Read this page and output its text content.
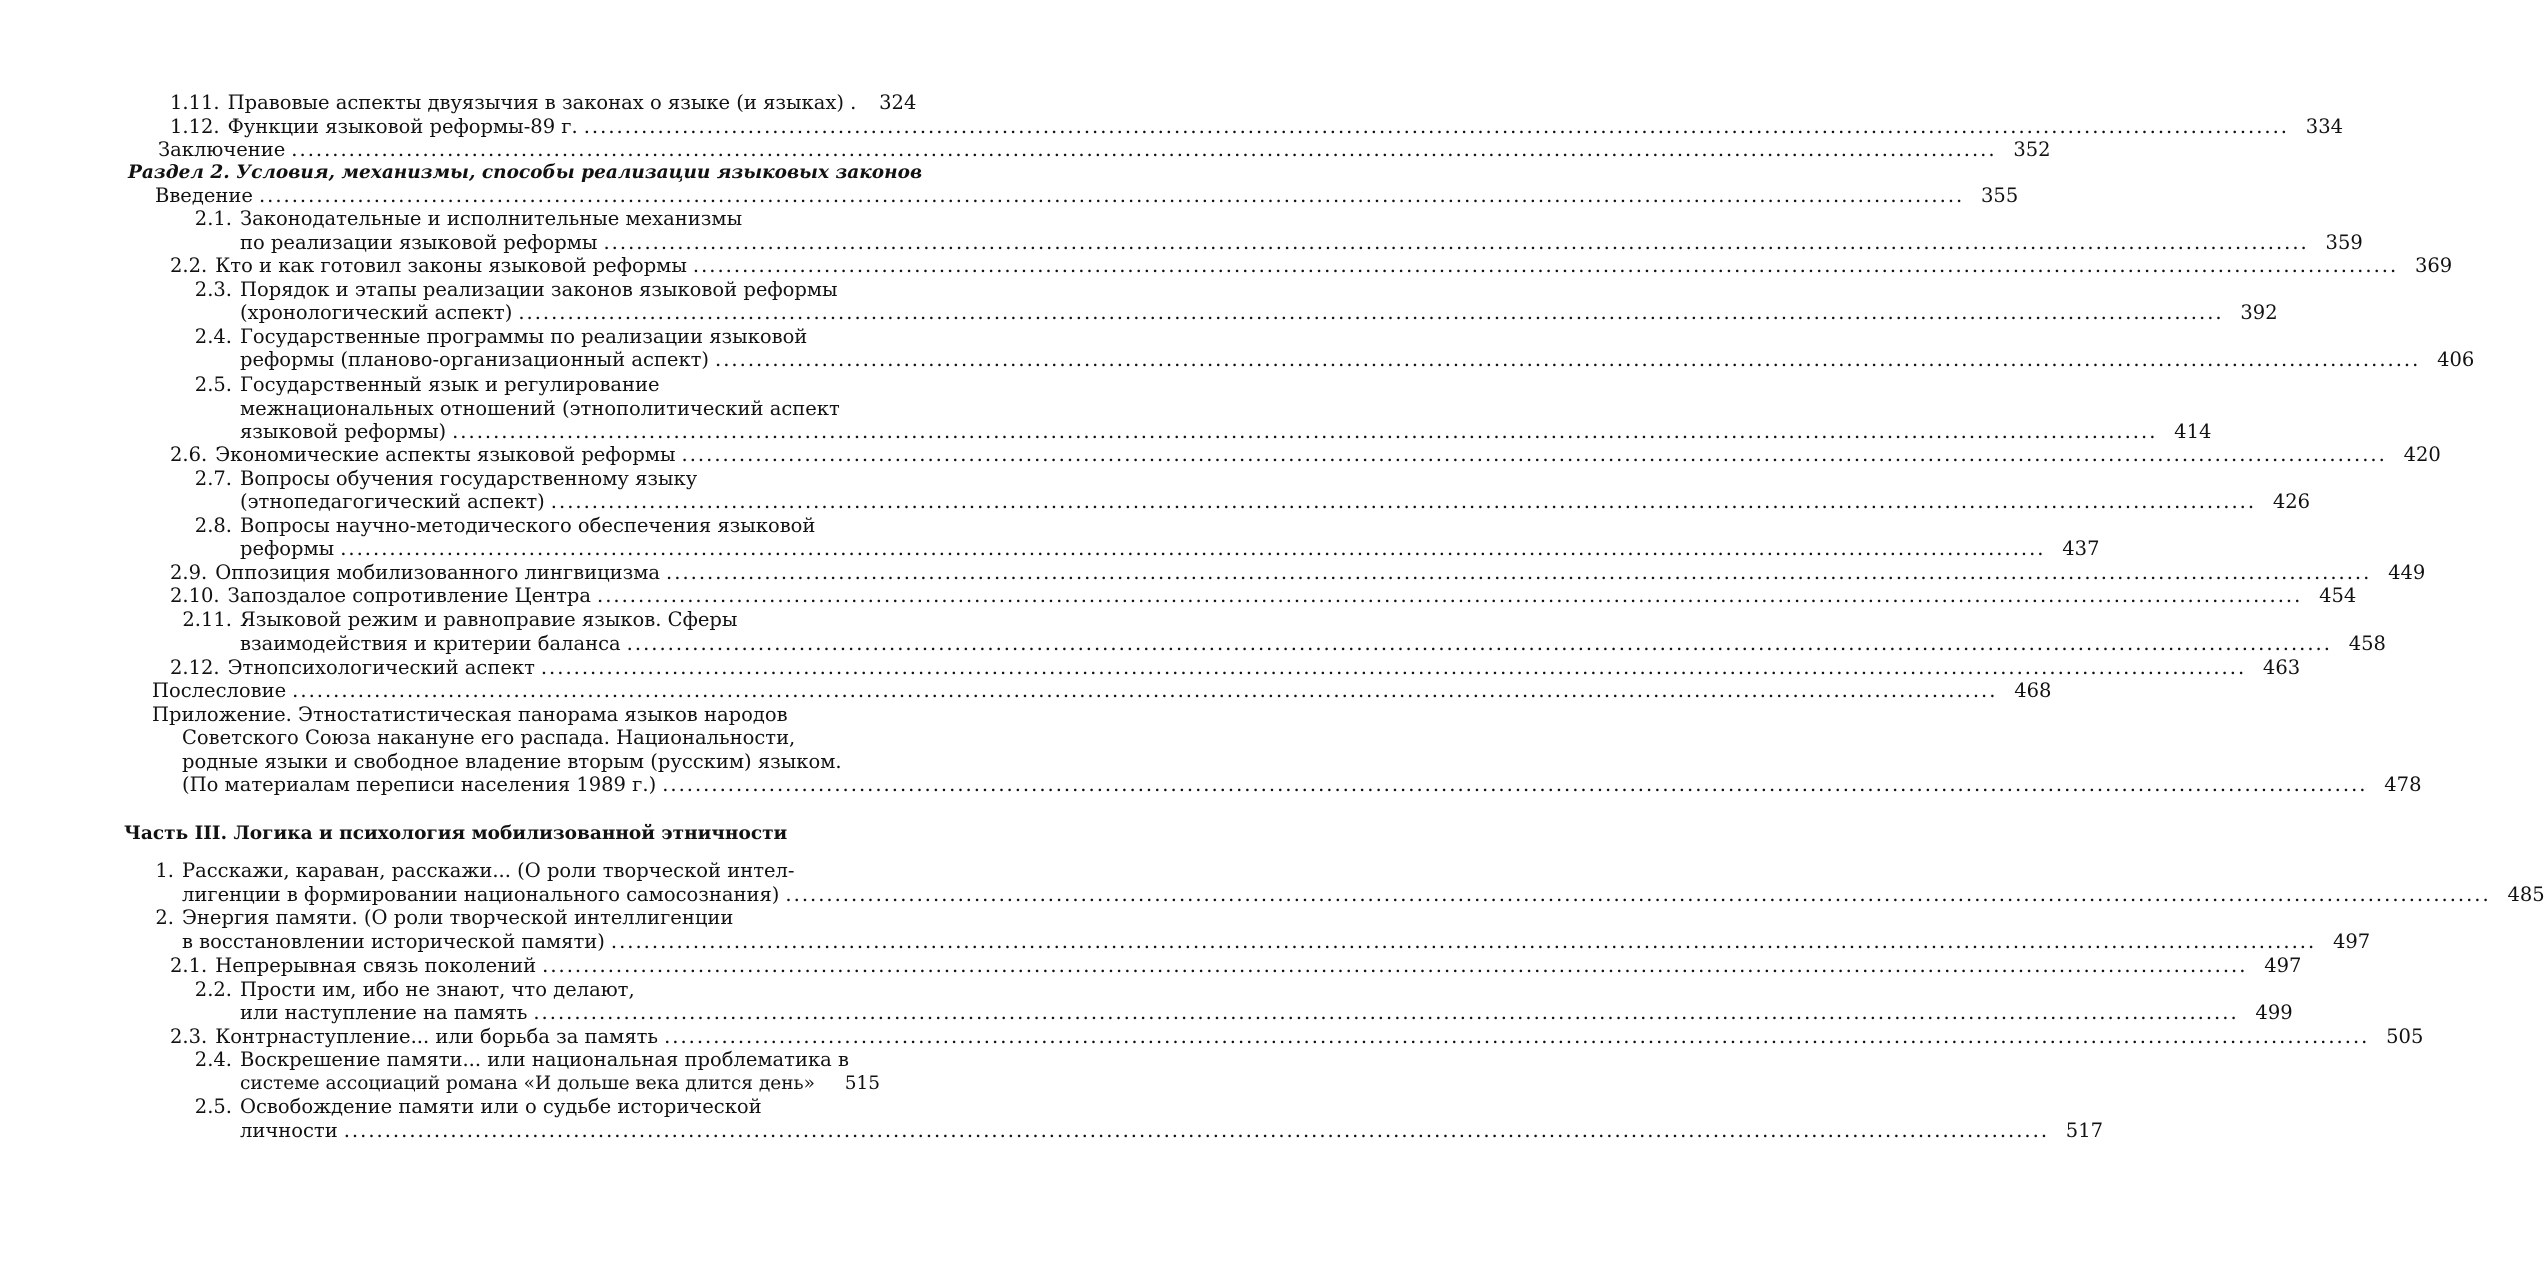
1.11. Правовые аспекты двуязычия в законах о языке (и языках) .	324
1.12. Функции языковой реформы-89 г. ................................................................................................................................................................................................................ 334
Заключение ................................................................................................................................................................................................................ 352
Раздел 2. Условия, механизмы, способы реализации языковых законов
Введение ................................................................................................................................................................................................................ 355
2.1. Законодательные и исполнительные механизмы
по реализации языковой реформы ................................................................................................................................................................................................................ 359
2.2. Кто и как готовил законы языковой реформы ................................................................................................................................................................................................................ 369
2.3. Порядок и этапы реализации законов языковой реформы
(хронологический аспект) ................................................................................................................................................................................................................ 392
2.4. Государственные программы по реализации языковой
реформы (планово-организационный аспект) ................................................................................................................................................................................................................ 406
2.5. Государственный язык и регулирование
межнациональных отношений (этнополитический аспект
языковой реформы) ................................................................................................................................................................................................................ 414
2.6. Экономические аспекты языковой реформы ................................................................................................................................................................................................................ 420
2.7. Вопросы обучения государственному языку
(этнопедагогический аспект) ................................................................................................................................................................................................................ 426
2.8. Вопросы научно-методического обеспечения языковой
реформы ................................................................................................................................................................................................................ 437
2.9. Оппозиция мобилизованного лингвицизма ................................................................................................................................................................................................................ 449
2.10. Запоздалое сопротивление Центра ................................................................................................................................................................................................................ 454
2.11. Языковой режим и равноправие языков. Сферы
взаимодействия и критерии баланса ................................................................................................................................................................................................................ 458
2.12. Этнопсихологический аспект ................................................................................................................................................................................................................ 463
Послесловие ................................................................................................................................................................................................................ 468
Приложение. Этностатистическая панорама языков народов
Советского Союза накануне его распада. Национальности,
родные языки и свободное владение вторым (русским) языком.
(По материалам переписи населения 1989 г.) ................................................................................................................................................................................................................ 478
Часть III. Логика и психология мобилизованной этничности
1. Расскажи, караван, расскажи... (О роли творческой интел-
лигенции в формировании национального самосознания) ................................................................................................................................................................................................................ 485
2. Энергия памяти. (О роли творческой интеллигенции
в восстановлении исторической памяти) ................................................................................................................................................................................................................ 497
2.1. Непрерывная связь поколений ................................................................................................................................................................................................................ 497
2.2. Прости им, ибо не знают, что делают,
или наступление на память ................................................................................................................................................................................................................ 499
2.3. Контрнаступление... или борьба за память ................................................................................................................................................................................................................ 505
2.4. Воскрешение памяти... или национальная проблематика в
системе ассоциаций романа «И дольше века длится день»	515
2.5. Освобождение памяти или о судьбе исторической
личности ................................................................................................................................................................................................................ 517
